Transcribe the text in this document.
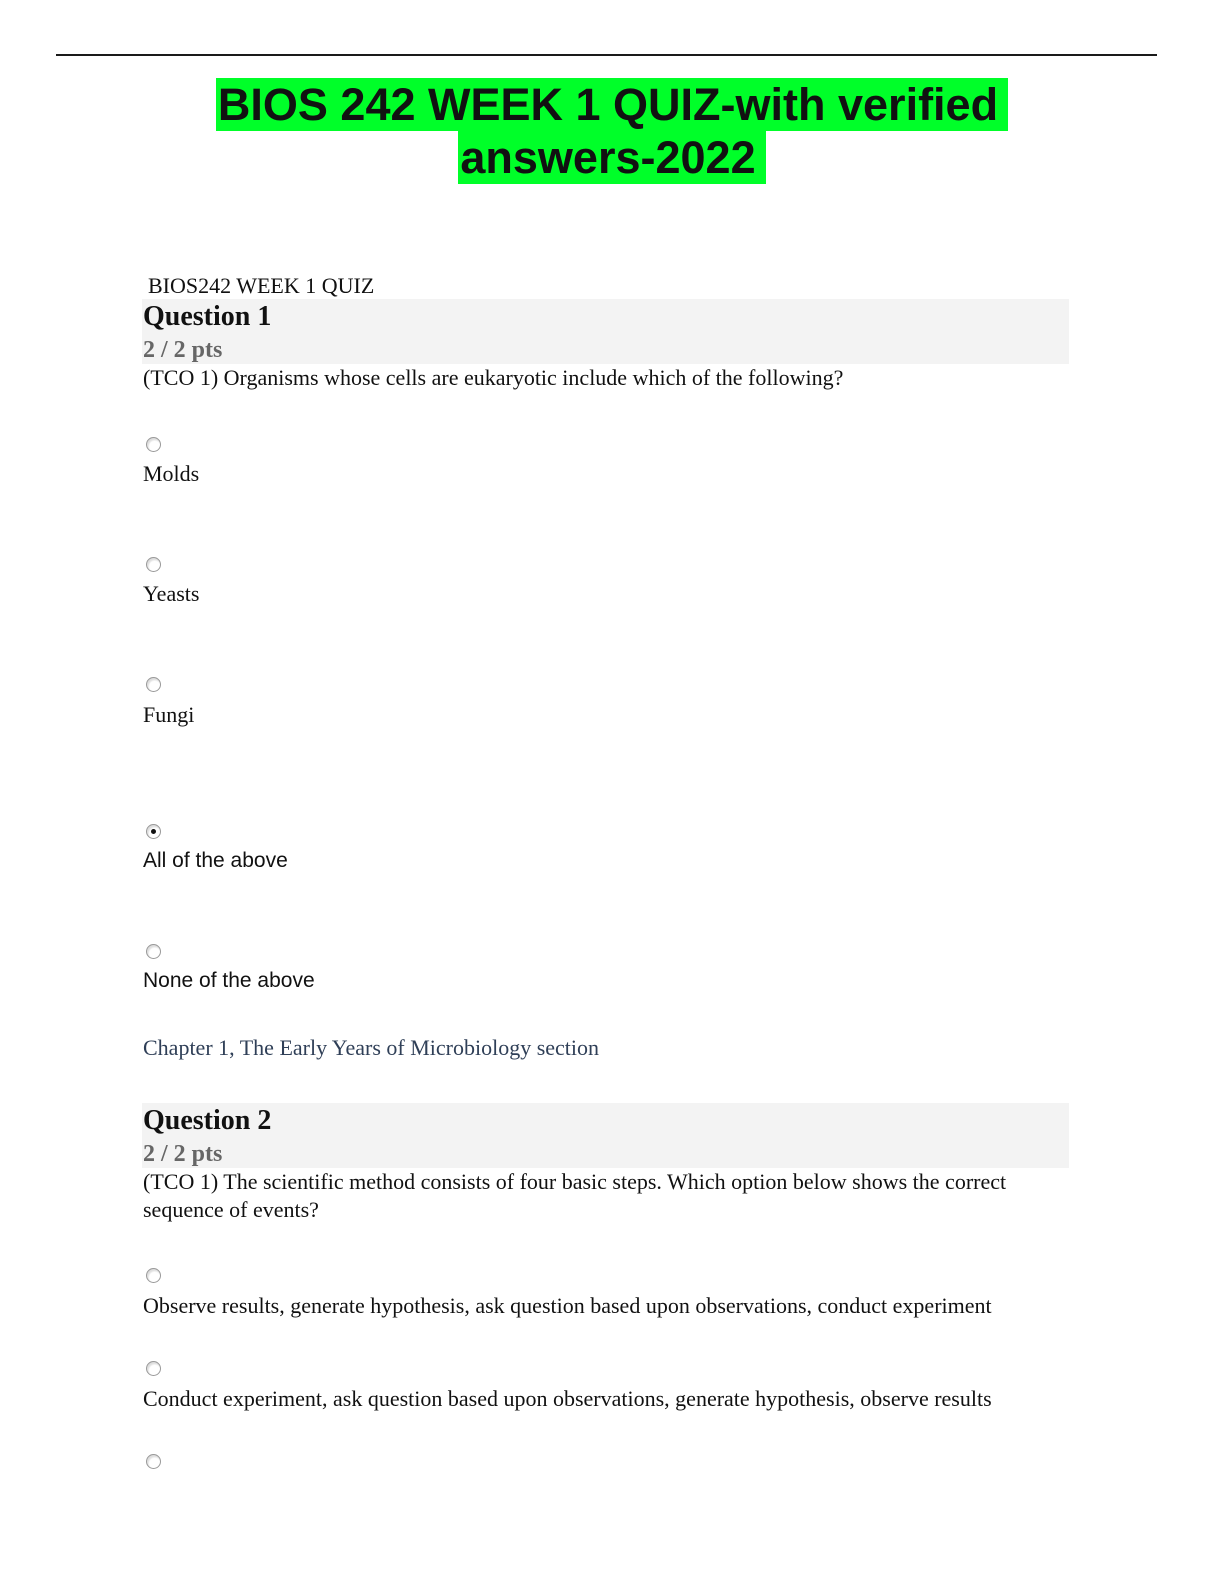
BIOS 242 WEEK 1 QUIZ-with verified
answers-2022
BIOS242 WEEK 1 QUIZ
Question 1
2 / 2 pts
(TCO 1) Organisms whose cells are eukaryotic include which of the following?
Molds
Yeasts
Fungi
All of the above
None of the above
Chapter 1, The Early Years of Microbiology section
Question 2
2 / 2 pts
(TCO 1) The scientific method consists of four basic steps. Which option below shows the correct sequence of events?
Observe results, generate hypothesis, ask question based upon observations, conduct experiment
Conduct experiment, ask question based upon observations, generate hypothesis, observe results
